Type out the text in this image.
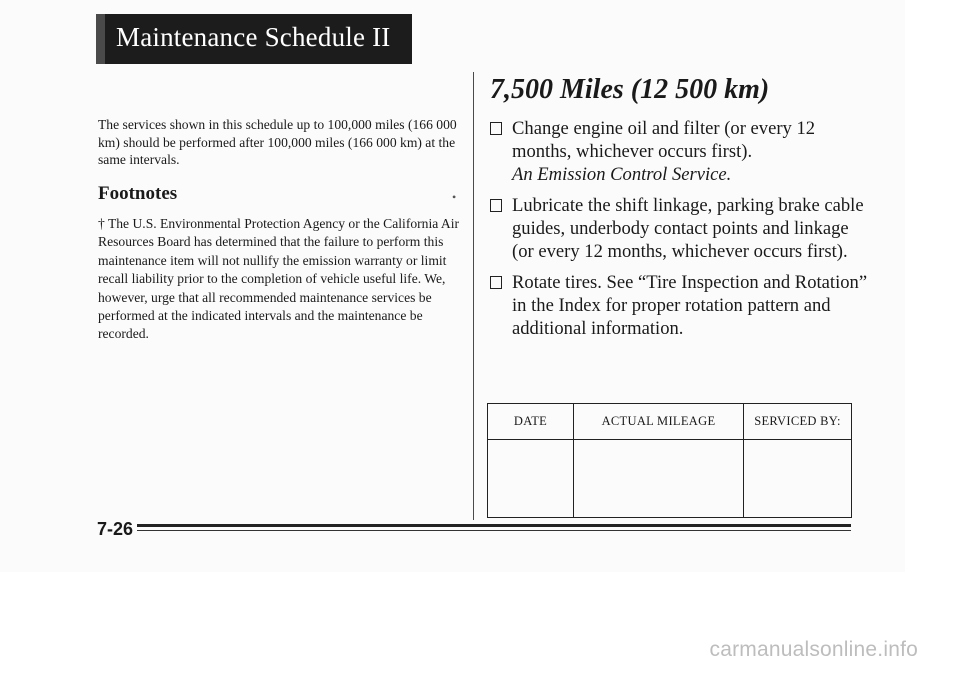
Maintenance Schedule II

The services shown in this schedule up to 100,000 miles (166 000 km) should be performed after 100,000 miles (166 000 km) at the same intervals.

Footnotes	•
† The U.S. Environmental Protection Agency or the California Air Resources Board has determined that the failure to perform this maintenance item will not nullify the emission warranty or limit recall liability prior to the completion of vehicle useful life. We, however, urge that all recommended maintenance services be performed at the indicated intervals and the maintenance be recorded.
7,500 Miles (12 500 km)
Change engine oil and filter (or every 12 months, whichever occurs first).
An Emission Control Service.
Lubricate the shift linkage, parking brake cable guides, underbody contact points and linkage (or every 12 months, whichever occurs first).
Rotate tires. See “Tire Inspection and Rotation” in the Index for proper rotation pattern and additional information.
DATE	ACTUAL MILEAGE	SERVICED BY:

7-26
carmanualsonline.info
